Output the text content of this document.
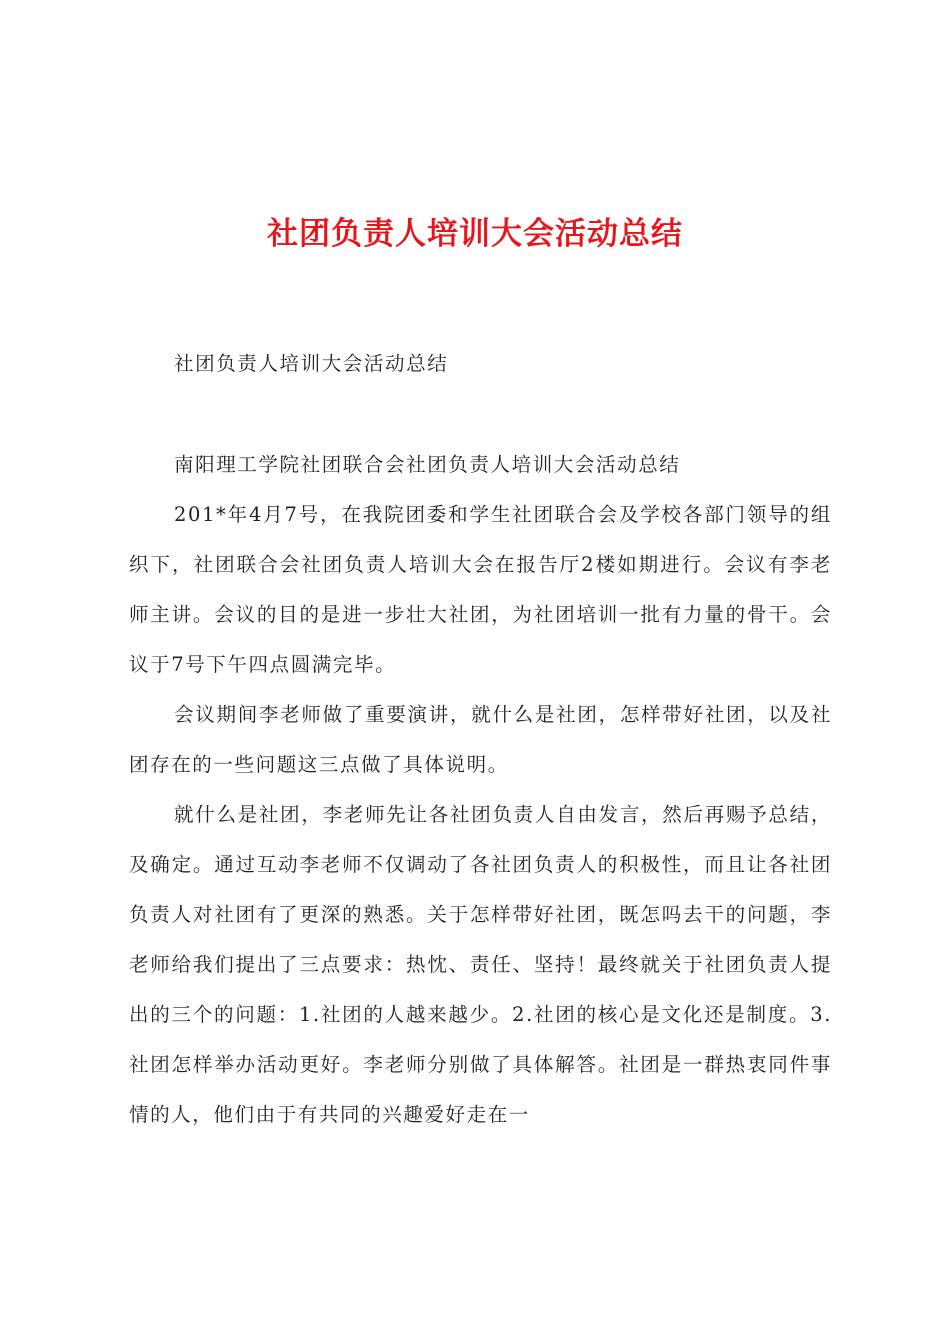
社团负责人培训大会活动总结
社团负责人培训大会活动总结
南阳理工学院社团联合会社团负责人培训大会活动总结

201*年4月7号，在我院团委和学生社团联合会及学校各部门领导的组织下，社团联合会社团负责人培训大会在报告厅2楼如期进行。会议有李老师主讲。会议的目的是进一步壮大社团，为社团培训一批有力量的骨干。会议于7号下午四点圆满完毕。

会议期间李老师做了重要演讲，就什么是社团，怎样带好社团，以及社团存在的一些问题这三点做了具体说明。

就什么是社团，李老师先让各社团负责人自由发言，然后再赐予总结，及确定。通过互动李老师不仅调动了各社团负责人的积极性，而且让各社团负责人对社团有了更深的熟悉。关于怎样带好社团，既怎吗去干的问题，李老师给我们提出了三点要求：热忱、责任、坚持！最终就关于社团负责人提出的三个的问题：1.社团的人越来越少。2.社团的核心是文化还是制度。3.社团怎样举办活动更好。李老师分别做了具体解答。社团是一群热衷同件事情的人，他们由于有共同的兴趣爱好走在一
